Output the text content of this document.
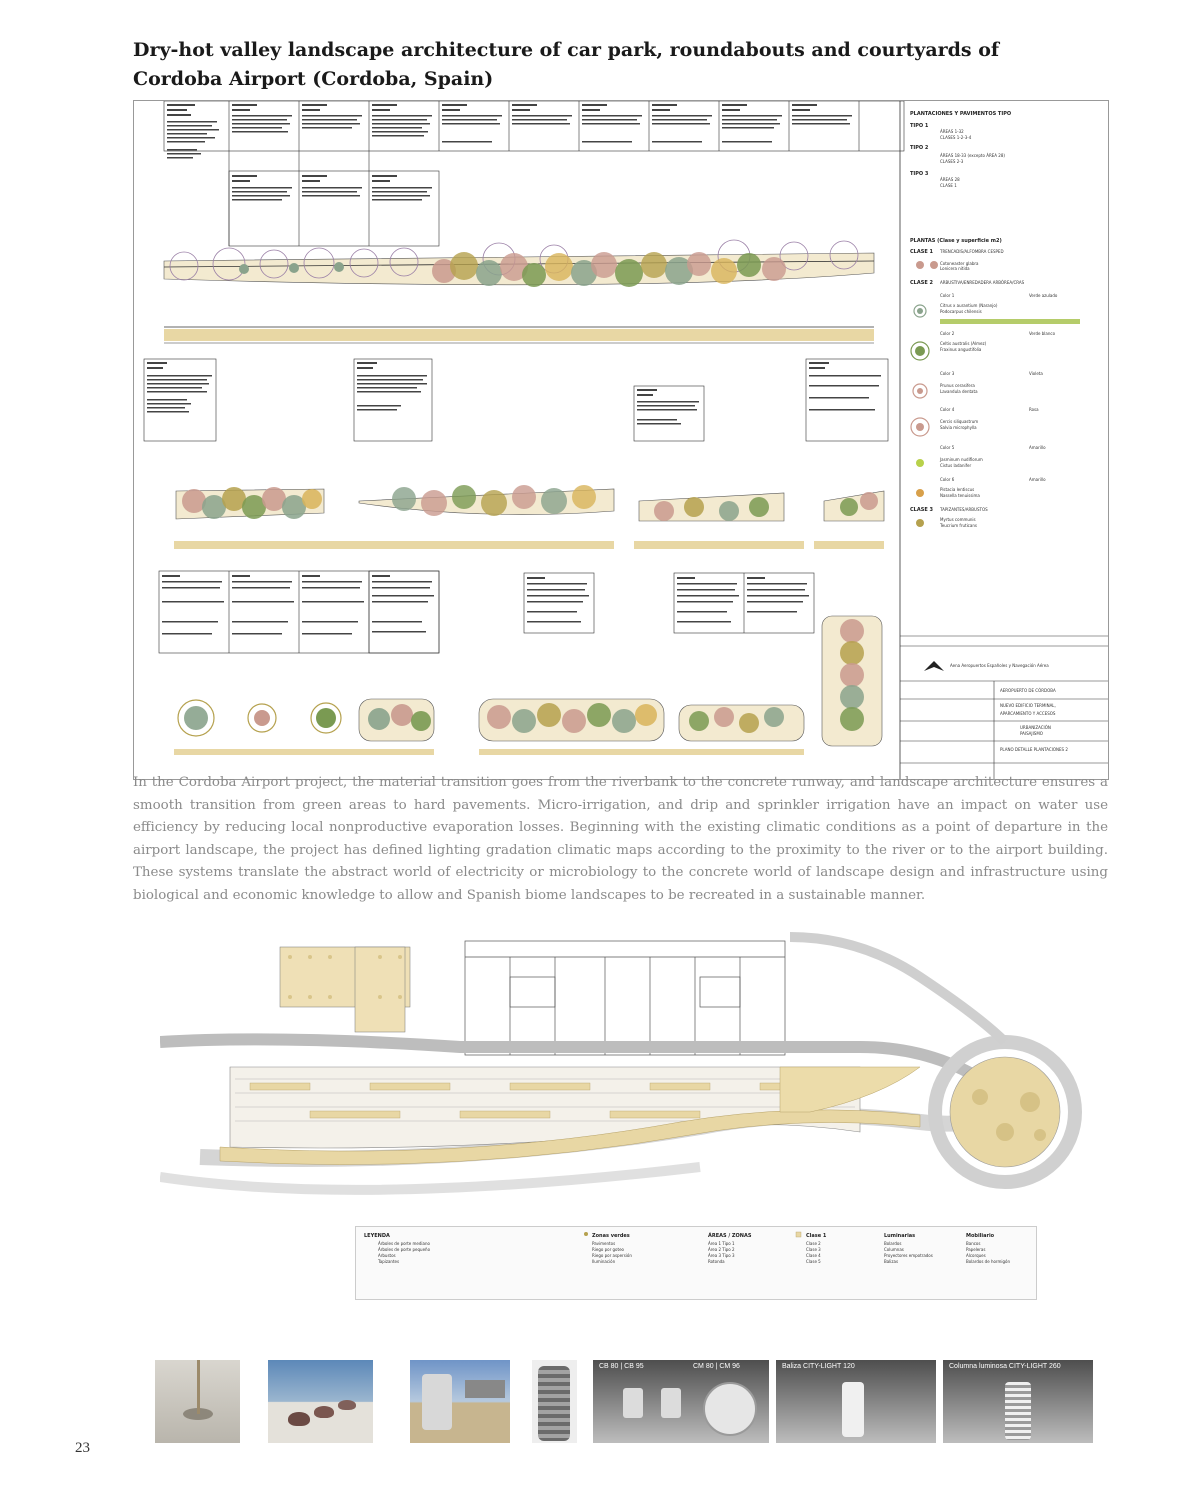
Dry-hot valley landscape architecture of car park, roundabouts and courtyards of Cordoba Airport (Cordoba, Spain)
PLANTACIONES Y PAVIMENTOS TIPO
TIPO 1
ÁREAS 1-32
CLASES 1-2-3-4
TIPO 2
ÁREAS 18-33 (excepto ÁREA 28)
CLASES 2-3
TIPO 3
ÁREAS 28
CLASE 1
PLANTAS (Clase y superficie m2)
CLASE 1 TRENCADIS/ALFOMBRA CESPED
Cotoneaster glabra
Lonicera nitida
CLASE 2 ARBUSTIVA/ENREDADERA ARBÓREA/CRAS
Color 1	Verde azulado
Citrus x aurantium (Naranjo)
Podocarpus chilensis
Color 2	Verde blanco
Celtis australis (Almez)
Fraxinus angustifolia
Color 3	Violeta
Prunus cerasifera
Lavandula dentata
Color 4	Rosa
Cercis siliquastrum
Salvia microphylla
Color 5	Amarillo
Jasminum nudiflorum
Cistus ladanifer
Color 6	Amarillo
Pistacia lentiscus
Nassella tenuissima
CLASE 3 TAPIZANTES/ARBUSTOS
Myrtus communis
Teucrium fruticans
Aena Aeropuertos Españoles y Navegación Aérea
AEROPUERTO DE CÓRDOBA
NUEVO EDIFICIO TERMINAL,
APARCAMIENTO Y ACCESOS
URBANIZACIÓN
PAISAJISMO
PLANO DETALLE PLANTACIONES 2

In the Cordoba Airport project, the material transition goes from the riverbank to the concrete runway, and landscape architecture ensures a smooth transition from green areas to hard pavements. Micro-irrigation, and drip and sprinkler irrigation have an impact on water use efficiency by reducing local nonproductive evaporation losses. Beginning with the existing climatic conditions as a point of departure in the airport landscape, the project has defined lighting gradation climatic maps according to the proximity to the river or to the airport building. These systems translate the abstract world of electricity or microbiology to the concrete world of landscape design and infrastructure using biological and economic knowledge to allow and Spanish biome landscapes to be recreated in a sustainable manner.

LEYENDA
Árboles de porte mediano
Árboles de porte pequeño
Arbustos
Tapizantes
Zonas verdes
Pavimentos
Riego por goteo
Riego por aspersión
Iluminación
ÁREAS / ZONAS
Área 1 Tipo 1
Área 2 Tipo 2
Área 3 Tipo 3
Rotonda
Clase 1
Clase 2
Clase 3
Clase 4
Clase 5
Luminarias
Bolardos
Columnas
Proyectores empotrados
Balizas
Mobiliario
Bancos
Papeleras
Alcorques
Bolardos de hormigón
CB 80 | CB 95	CM 80 | CM 96	Baliza CITY-LIGHT 120	Columna luminosa CITY-LIGHT 260
23
